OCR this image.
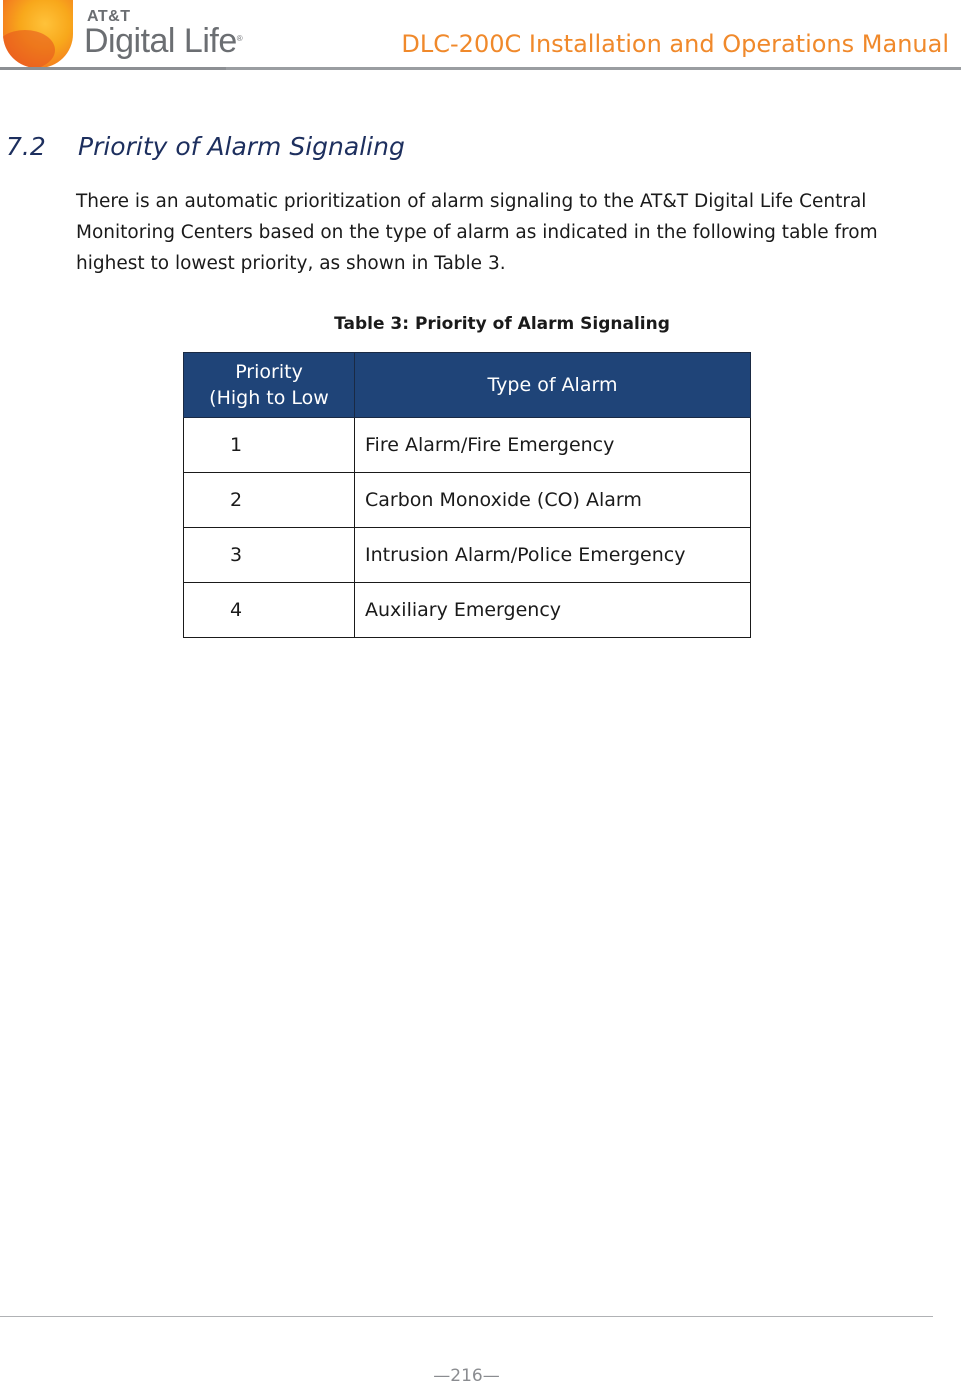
AT&T
Digital Life®	DLC-200C Installation and Operations Manual
7.2 Priority of Alarm Signaling
There is an automatic prioritization of alarm signaling to the AT&T Digital Life Central Monitoring Centers based on the type of alarm as indicated in the following table from highest to lowest priority, as shown in Table 3.
Table 3: Priority of Alarm Signaling
Priority
(High to Low	Type of Alarm
1	Fire Alarm/Fire Emergency
2	Carbon Monoxide (CO) Alarm
3	Intrusion Alarm/Police Emergency
4	Auxiliary Emergency
—216—
